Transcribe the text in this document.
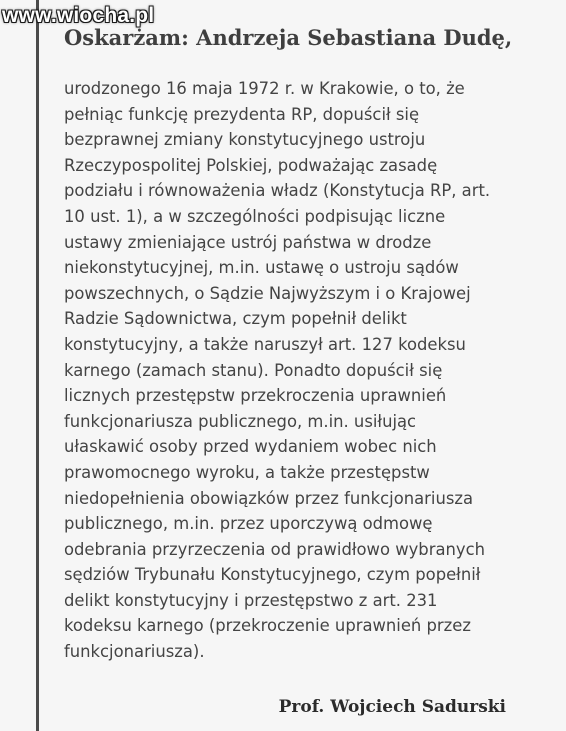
www.wiocha.pl
Oskarżam: Andrzeja Sebastiana Dudę,
urodzonego 16 maja 1972 r. w Krakowie, o to, że
pełniąc funkcję prezydenta RP, dopuścił się
bezprawnej zmiany konstytucyjnego ustroju
Rzeczypospolitej Polskiej, podważając zasadę
podziału i równoważenia władz (Konstytucja RP, art.
10 ust. 1), a w szczególności podpisując liczne
ustawy zmieniające ustrój państwa w drodze
niekonstytucyjnej, m.in. ustawę o ustroju sądów
powszechnych, o Sądzie Najwyższym i o Krajowej
Radzie Sądownictwa, czym popełnił delikt
konstytucyjny, a także naruszył art. 127 kodeksu
karnego (zamach stanu). Ponadto dopuścił się
licznych przestępstw przekroczenia uprawnień
funkcjonariusza publicznego, m.in. usiłując
ułaskawić osoby przed wydaniem wobec nich
prawomocnego wyroku, a także przestępstw
niedopełnienia obowiązków przez funkcjonariusza
publicznego, m.in. przez uporczywą odmowę
odebrania przyrzeczenia od prawidłowo wybranych
sędziów Trybunału Konstytucyjnego, czym popełnił
delikt konstytucyjny i przestępstwo z art. 231
kodeksu karnego (przekroczenie uprawnień przez
funkcjonariusza).
Prof. Wojciech Sadurski
